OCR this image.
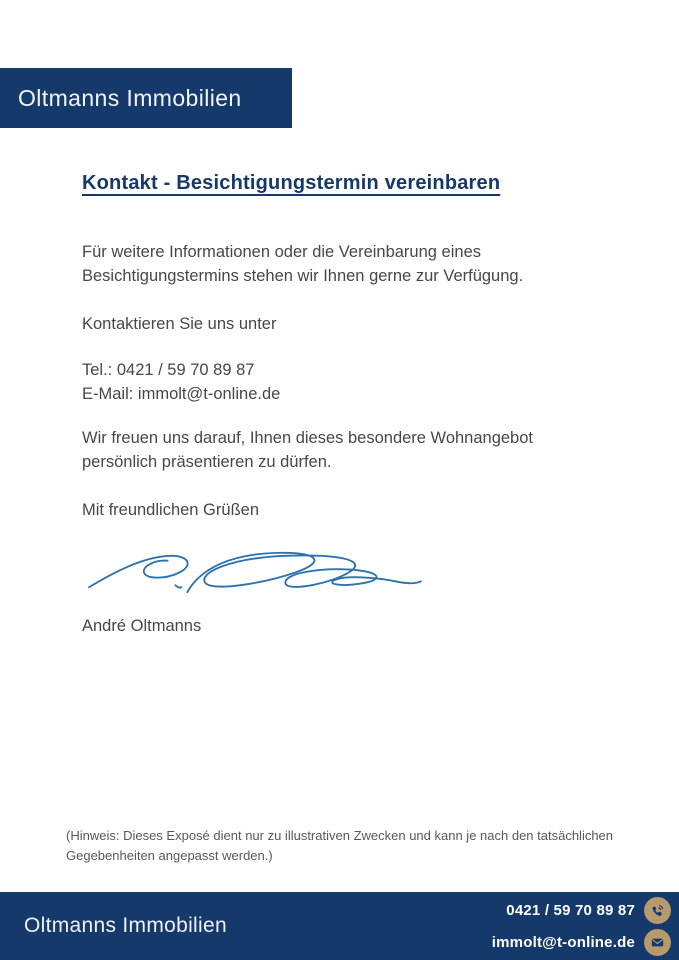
Oltmanns Immobilien
Kontakt - Besichtigungstermin vereinbaren

Für weitere Informationen oder die Vereinbarung eines Besichtigungstermins stehen wir Ihnen gerne zur Verfügung.

Kontaktieren Sie uns unter

Tel.: 0421 / 59 70 89 87
E-Mail: immolt@t-online.de

Wir freuen uns darauf, Ihnen dieses besondere Wohnangebot persönlich präsentieren zu dürfen.

Mit freundlichen Grüßen

André Oltmanns

(Hinweis: Dieses Exposé dient nur zu illustrativen Zwecken und kann je nach den tatsächlichen Gegebenheiten angepasst werden.)

Oltmanns Immobilien
0421 / 59 70 89 87
immolt@t-online.de
